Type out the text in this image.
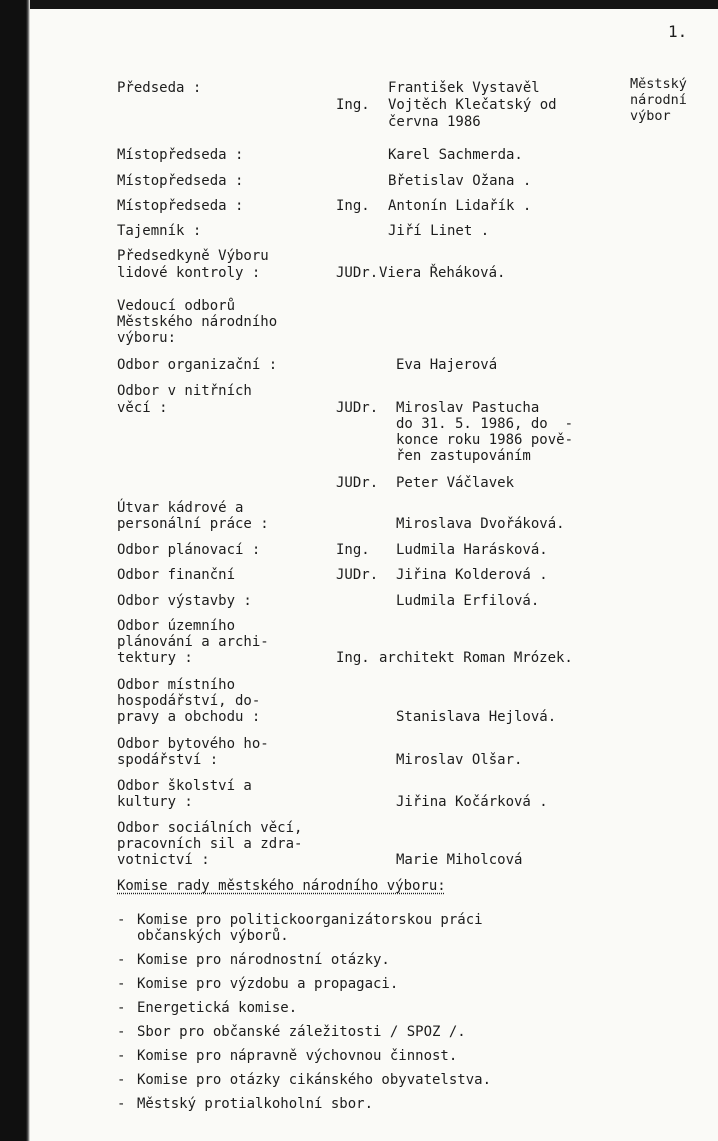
1.
Městský
národní
výbor
Předseda :	František Vystavěl
Ing. Vojtěch Klečatský od
června 1986
Místopředseda :	Karel Sachmerda.
Místopředseda :	Břetislav Ožana .
Místopředseda :	Ing. Antonín Lidařík .
Tajemník :	Jiří Linet .
Předsedkyně Výboru
lidové kontroly :	JUDr. Viera Řeháková.
Vedoucí odborů
Městského národního
výboru:
Odbor organizační :	Eva Hajerová
Odbor v nitřních
věcí :	JUDr. Miroslav Pastucha
do 31. 5. 1986, do  -
konce roku 1986 pově-
řen zastupováním
JUDr. Peter Váčlavek
Útvar kádrové a
personální práce :	Miroslava Dvořáková.
Odbor plánovací :	Ing. Ludmila Harásková.
Odbor finanční	JUDr. Jiřina Kolderová .
Odbor výstavby :	Ludmila Erfilová.
Odbor územního
plánování a archi-
tektury :	Ing. architekt Roman Mrózek.
Odbor místního
hospodářství, do-
pravy a obchodu :	Stanislava Hejlová.
Odbor bytového ho-
spodářství :	Miroslav Olšar.
Odbor školství a
kultury :	Jiřina Kočárková .
Odbor sociálních věcí,
pracovních sil a zdra-
votnictví :	Marie Miholcová
Komise rady městského národního výboru:
- Komise pro politickoorganizátorskou práci
občanských výborů.
- Komise pro národnostní otázky.
- Komise pro výzdobu a propagaci.
- Energetická komise.
- Sbor pro občanské záležitosti / SPOZ /.
- Komise pro nápravně výchovnou činnost.
- Komise pro otázky cikánského obyvatelstva.
- Městský protialkoholní sbor.
